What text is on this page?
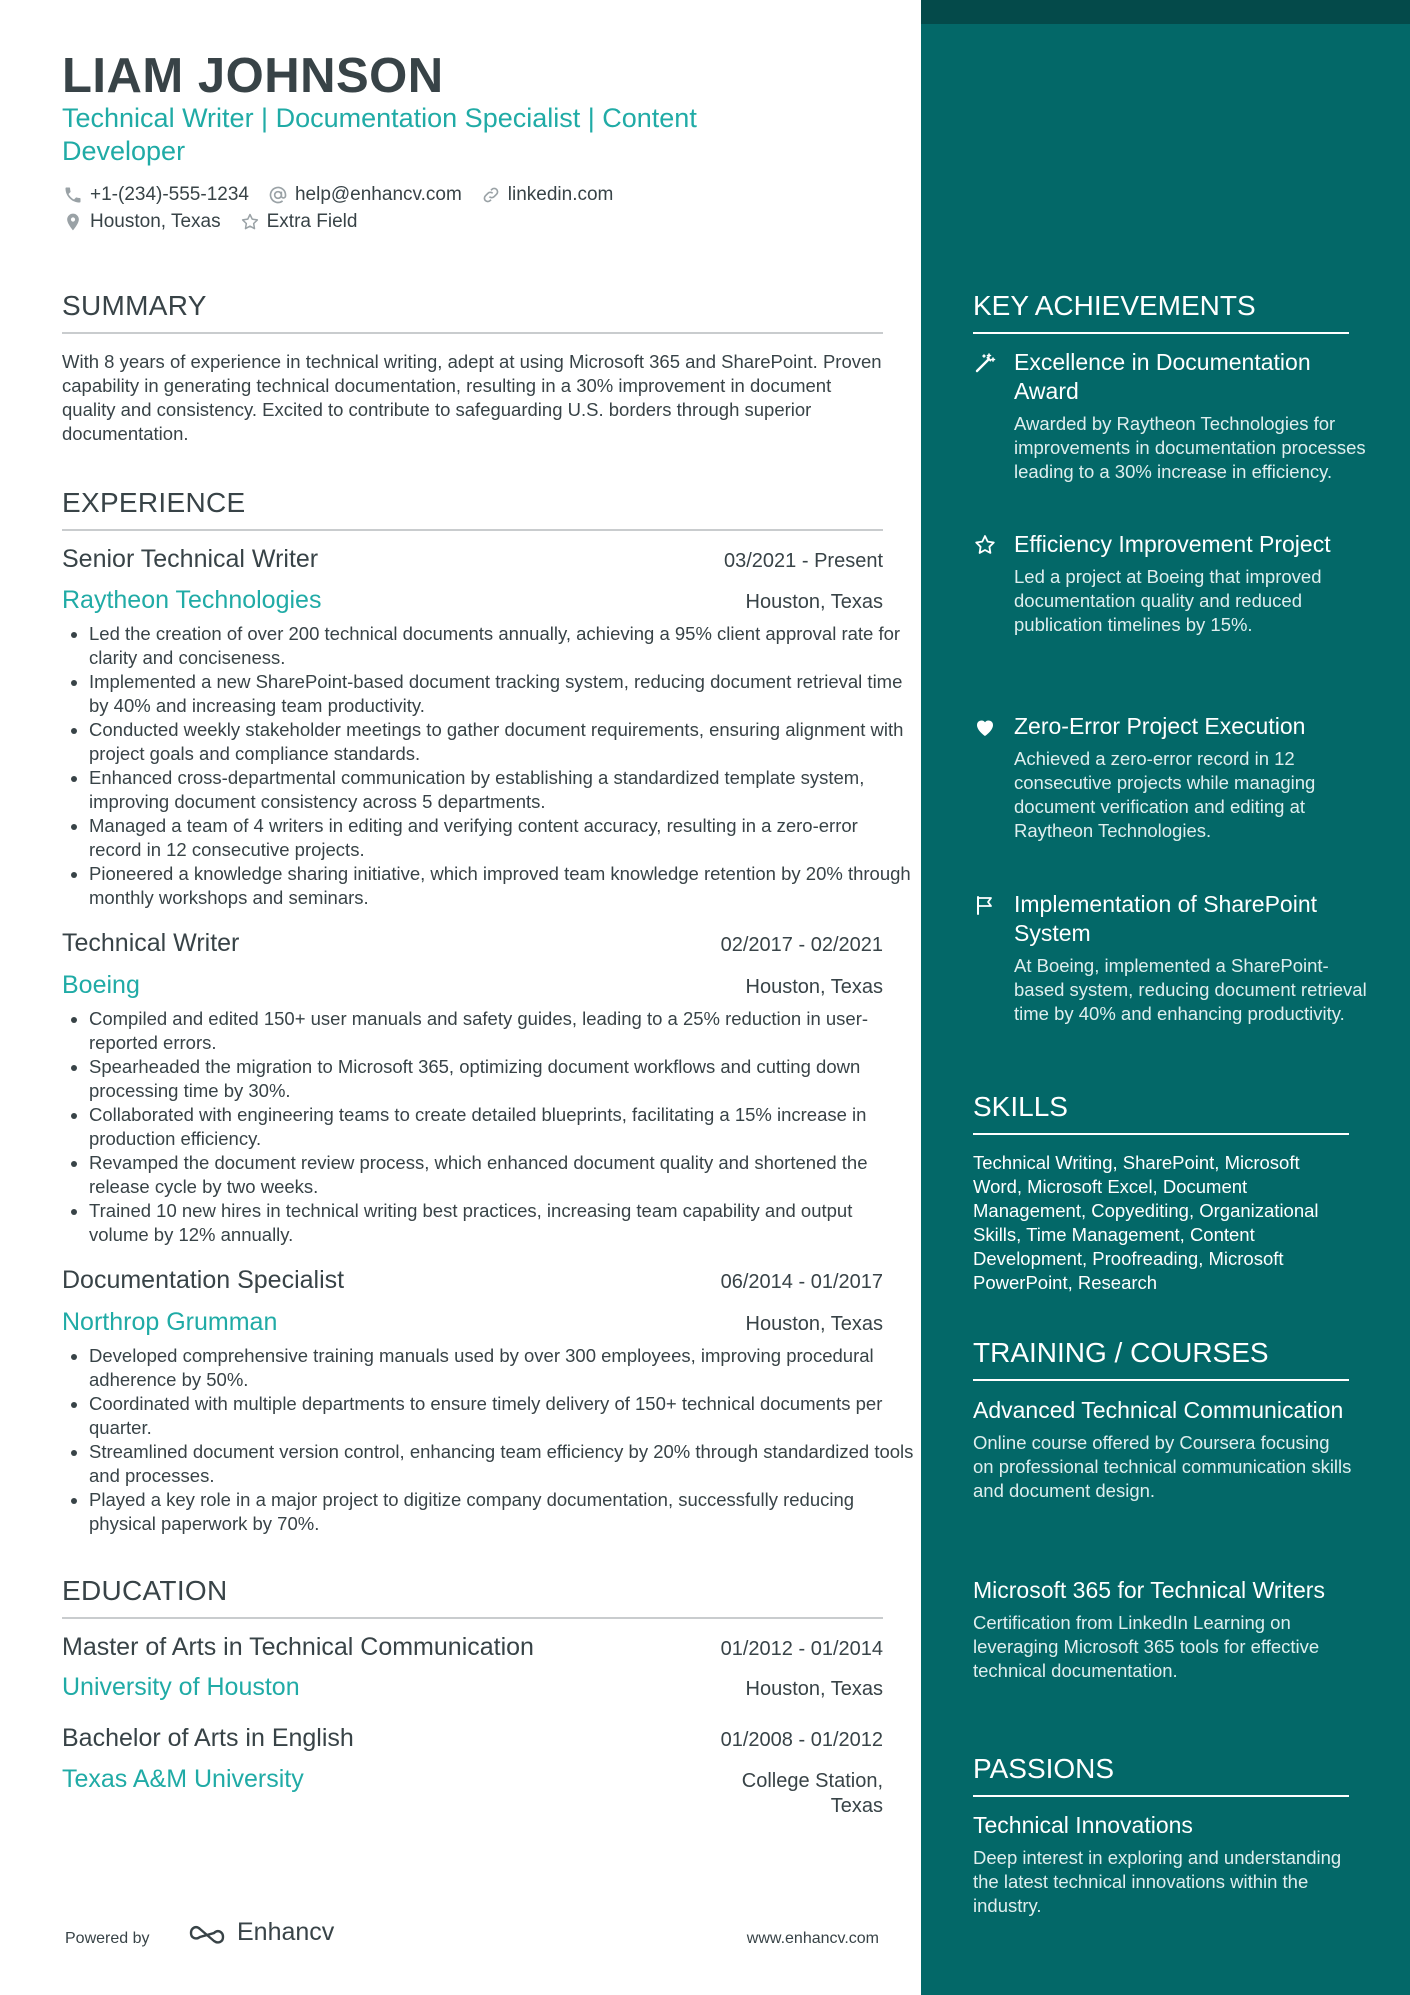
LIAM JOHNSON
Technical Writer | Documentation Specialist | Content Developer
+1-(234)-555-1234 help@enhancv.com linkedin.com
Houston, Texas Extra Field
SUMMARY
With 8 years of experience in technical writing, adept at using Microsoft 365 and SharePoint. Proven capability in generating technical documentation, resulting in a 30% improvement in document quality and consistency. Excited to contribute to safeguarding U.S. borders through superior documentation.
EXPERIENCE
Senior Technical Writer	03/2021 - Present
Raytheon Technologies	Houston, Texas
• Led the creation of over 200 technical documents annually, achieving a 95% client approval rate for clarity and conciseness.
• Implemented a new SharePoint-based document tracking system, reducing document retrieval time by 40% and increasing team productivity.
• Conducted weekly stakeholder meetings to gather document requirements, ensuring alignment with project goals and compliance standards.
• Enhanced cross-departmental communication by establishing a standardized template system, improving document consistency across 5 departments.
• Managed a team of 4 writers in editing and verifying content accuracy, resulting in a zero-error record in 12 consecutive projects.
• Pioneered a knowledge sharing initiative, which improved team knowledge retention by 20% through monthly workshops and seminars.
Technical Writer	02/2017 - 02/2021
Boeing	Houston, Texas
• Compiled and edited 150+ user manuals and safety guides, leading to a 25% reduction in user-reported errors.
• Spearheaded the migration to Microsoft 365, optimizing document workflows and cutting down processing time by 30%.
• Collaborated with engineering teams to create detailed blueprints, facilitating a 15% increase in production efficiency.
• Revamped the document review process, which enhanced document quality and shortened the release cycle by two weeks.
• Trained 10 new hires in technical writing best practices, increasing team capability and output volume by 12% annually.
Documentation Specialist	06/2014 - 01/2017
Northrop Grumman	Houston, Texas
• Developed comprehensive training manuals used by over 300 employees, improving procedural adherence by 50%.
• Coordinated with multiple departments to ensure timely delivery of 150+ technical documents per quarter.
• Streamlined document version control, enhancing team efficiency by 20% through standardized tools and processes.
• Played a key role in a major project to digitize company documentation, successfully reducing physical paperwork by 70%.
EDUCATION
Master of Arts in Technical Communication	01/2012 - 01/2014
University of Houston	Houston, Texas
Bachelor of Arts in English	01/2008 - 01/2012
Texas A&M University	College Station, Texas
Powered by	Enhancv	www.enhancv.com
KEY ACHIEVEMENTS
Excellence in Documentation Award
Awarded by Raytheon Technologies for improvements in documentation processes leading to a 30% increase in efficiency.
Efficiency Improvement Project
Led a project at Boeing that improved documentation quality and reduced publication timelines by 15%.
Zero-Error Project Execution
Achieved a zero-error record in 12 consecutive projects while managing document verification and editing at Raytheon Technologies.
Implementation of SharePoint System
At Boeing, implemented a SharePoint-based system, reducing document retrieval time by 40% and enhancing productivity.
SKILLS
Technical Writing, SharePoint, Microsoft Word, Microsoft Excel, Document Management, Copyediting, Organizational Skills, Time Management, Content Development, Proofreading, Microsoft PowerPoint, Research
TRAINING / COURSES
Advanced Technical Communication
Online course offered by Coursera focusing on professional technical communication skills and document design.
Microsoft 365 for Technical Writers
Certification from LinkedIn Learning on leveraging Microsoft 365 tools for effective technical documentation.
PASSIONS
Technical Innovations
Deep interest in exploring and understanding the latest technical innovations within the industry.
